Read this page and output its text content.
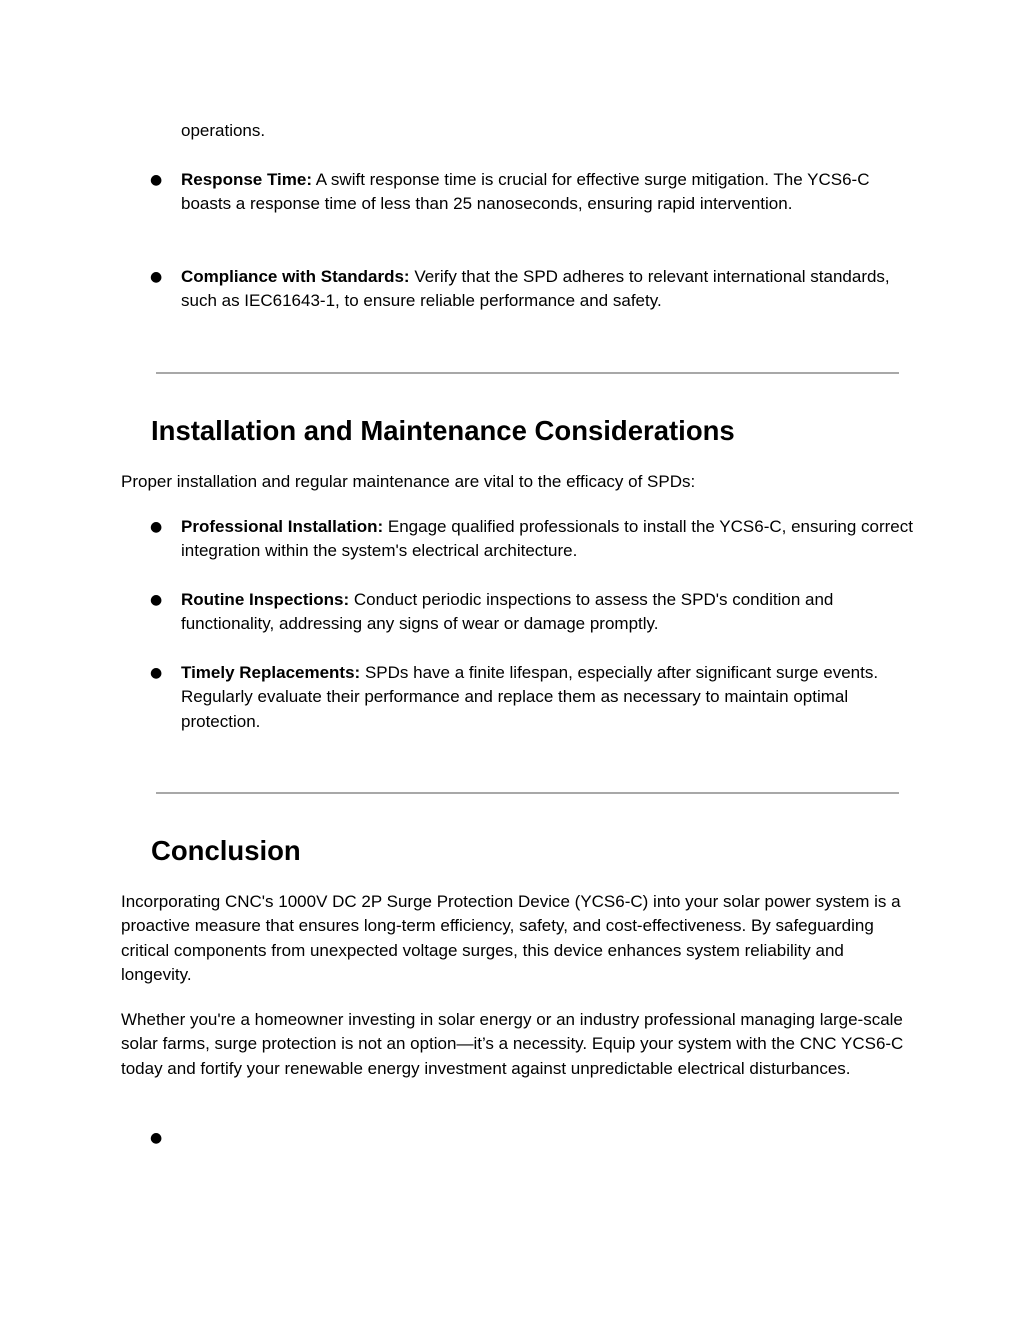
operations.

● Response Time: A swift response time is crucial for effective surge mitigation. The YCS6-C boasts a response time of less than 25 nanoseconds, ensuring rapid intervention.

● Compliance with Standards: Verify that the SPD adheres to relevant international standards, such as IEC61643-1, to ensure reliable performance and safety.

Installation and Maintenance Considerations

Proper installation and regular maintenance are vital to the efficacy of SPDs:

● Professional Installation: Engage qualified professionals to install the YCS6-C, ensuring correct integration within the system's electrical architecture.

● Routine Inspections: Conduct periodic inspections to assess the SPD's condition and functionality, addressing any signs of wear or damage promptly.

● Timely Replacements: SPDs have a finite lifespan, especially after significant surge events. Regularly evaluate their performance and replace them as necessary to maintain optimal protection.

Conclusion

Incorporating CNC's 1000V DC 2P Surge Protection Device (YCS6-C) into your solar power system is a proactive measure that ensures long-term efficiency, safety, and cost-effectiveness. By safeguarding critical components from unexpected voltage surges, this device enhances system reliability and longevity.

Whether you're a homeowner investing in solar energy or an industry professional managing large-scale solar farms, surge protection is not an option—it’s a necessity. Equip your system with the CNC YCS6-C today and fortify your renewable energy investment against unpredictable electrical disturbances.

●
